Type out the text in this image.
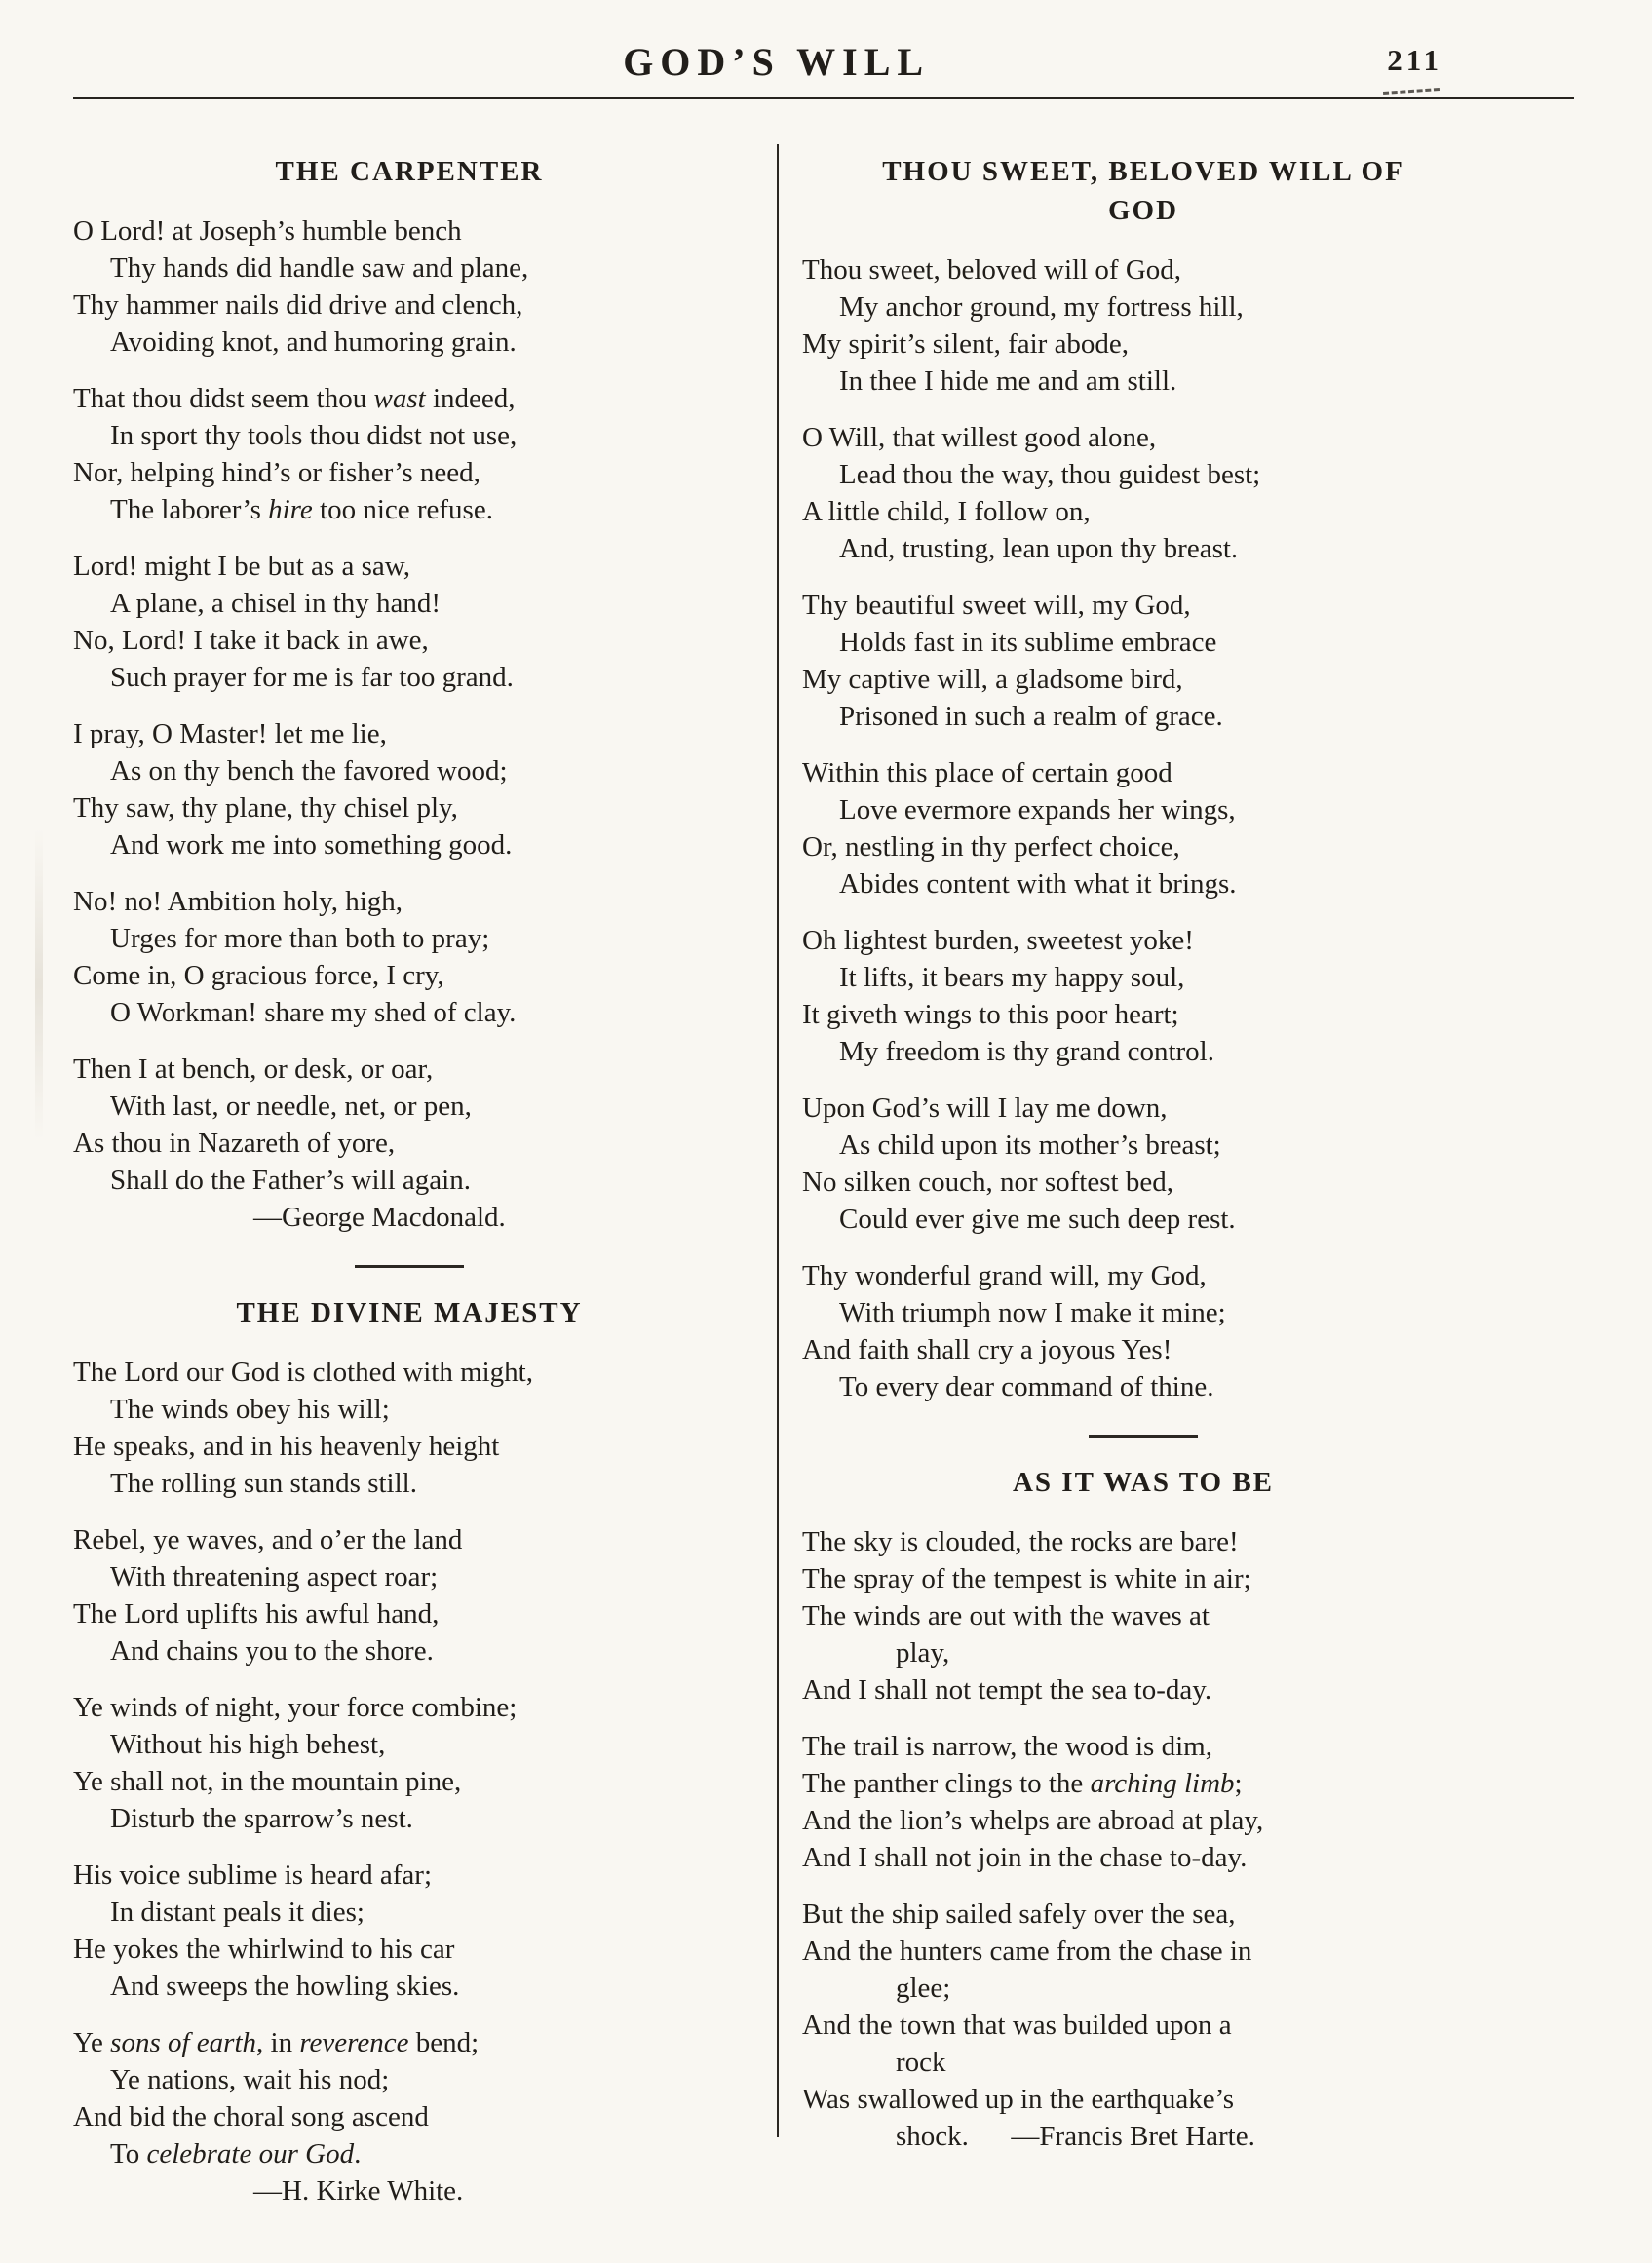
GOD’S WILL	211
THE CARPENTER
O Lord! at Joseph’s humble bench
Thy hands did handle saw and plane,
Thy hammer nails did drive and clench,
Avoiding knot, and humoring grain.
That thou didst seem thou wast indeed,
In sport thy tools thou didst not use,
Nor, helping hind’s or fisher’s need,
The laborer’s hire too nice refuse.
Lord! might I be but as a saw,
A plane, a chisel in thy hand!
No, Lord! I take it back in awe,
Such prayer for me is far too grand.
I pray, O Master! let me lie,
As on thy bench the favored wood;
Thy saw, thy plane, thy chisel ply,
And work me into something good.
No! no! Ambition holy, high,
Urges for more than both to pray;
Come in, O gracious force, I cry,
O Workman! share my shed of clay.
Then I at bench, or desk, or oar,
With last, or needle, net, or pen,
As thou in Nazareth of yore,
Shall do the Father’s will again.
—George Macdonald.
THE DIVINE MAJESTY
The Lord our God is clothed with might,
The winds obey his will;
He speaks, and in his heavenly height
The rolling sun stands still.
Rebel, ye waves, and o’er the land
With threatening aspect roar;
The Lord uplifts his awful hand,
And chains you to the shore.
Ye winds of night, your force combine;
Without his high behest,
Ye shall not, in the mountain pine,
Disturb the sparrow’s nest.
His voice sublime is heard afar;
In distant peals it dies;
He yokes the whirlwind to his car
And sweeps the howling skies.
Ye sons of earth, in reverence bend;
Ye nations, wait his nod;
And bid the choral song ascend
To celebrate our God.
—H. Kirke White.
THOU SWEET, BELOVED WILL OF GOD
Thou sweet, beloved will of God,
My anchor ground, my fortress hill,
My spirit’s silent, fair abode,
In thee I hide me and am still.
O Will, that willest good alone,
Lead thou the way, thou guidest best;
A little child, I follow on,
And, trusting, lean upon thy breast.
Thy beautiful sweet will, my God,
Holds fast in its sublime embrace
My captive will, a gladsome bird,
Prisoned in such a realm of grace.
Within this place of certain good
Love evermore expands her wings,
Or, nestling in thy perfect choice,
Abides content with what it brings.
Oh lightest burden, sweetest yoke!
It lifts, it bears my happy soul,
It giveth wings to this poor heart;
My freedom is thy grand control.
Upon God’s will I lay me down,
As child upon its mother’s breast;
No silken couch, nor softest bed,
Could ever give me such deep rest.
Thy wonderful grand will, my God,
With triumph now I make it mine;
And faith shall cry a joyous Yes!
To every dear command of thine.
AS IT WAS TO BE
The sky is clouded, the rocks are bare!
The spray of the tempest is white in air;
The winds are out with the waves at
play,
And I shall not tempt the sea to-day.
The trail is narrow, the wood is dim,
The panther clings to the arching limb;
And the lion’s whelps are abroad at play,
And I shall not join in the chase to-day.
But the ship sailed safely over the sea,
And the hunters came from the chase in
glee;
And the town that was builded upon a
rock
Was swallowed up in the earthquake’s
shock.  —Francis Bret Harte.
